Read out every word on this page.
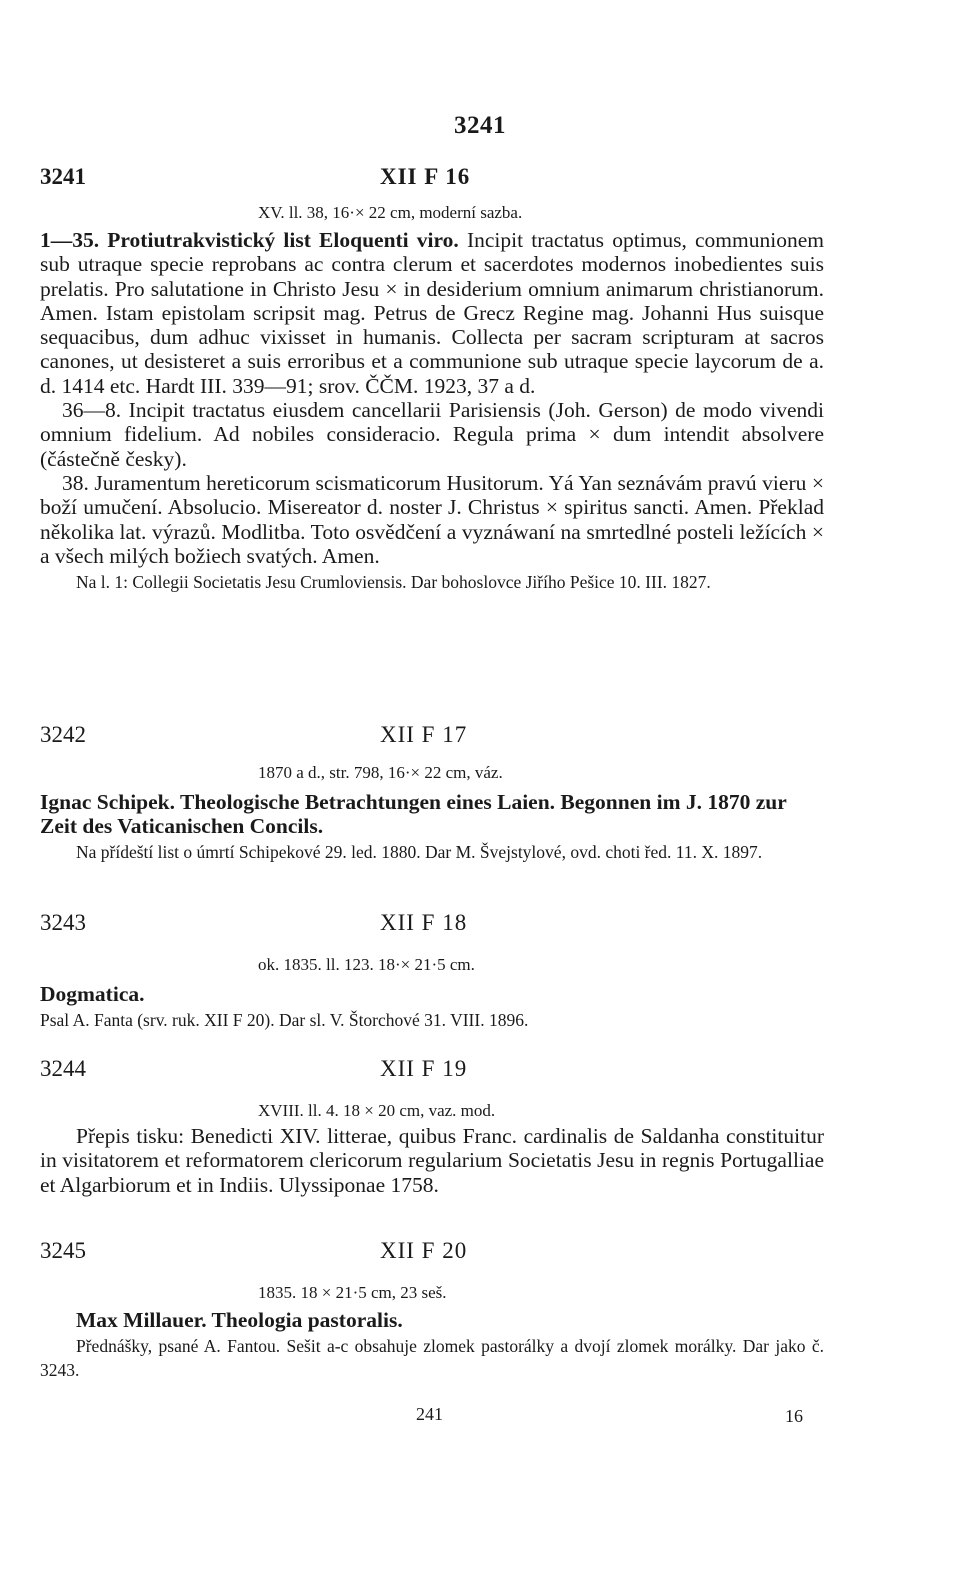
3241
3241	XII F 16
XV. ll. 38, 16·× 22 cm, moderní sazba.

1—35. Protiutrakvistický list Eloquenti viro. Incipit tractatus optimus, communionem sub utraque specie reprobans ac contra clerum et sacerdotes modernos inobedientes suis prelatis. Pro salutatione in Christo Jesu × in desiderium omnium animarum christianorum. Amen. Istam epistolam scripsit mag. Petrus de Grecz Regine mag. Johanni Hus suisque sequacibus, dum adhuc vixisset in humanis. Collecta per sacram scripturam at sacros canones, ut desisteret a suis erroribus et a communione sub utraque specie laycorum de a. d. 1414 etc. Hardt III. 339—91; srov. ČČM. 1923, 37 a d.

36—8. Incipit tractatus eiusdem cancellarii Parisiensis (Joh. Gerson) de modo vivendi omnium fidelium. Ad nobiles consideracio. Regula prima × dum intendit absolvere (částečně česky).

38. Juramentum hereticorum scismaticorum Husitorum. Yá Yan seznávám pravú vieru × boží umučení. Absolucio. Misereator d. noster J. Christus × spiritus sancti. Amen. Překlad několika lat. výrazů. Modlitba. Toto osvědčení a vyznáwaní na smrtedlné posteli ležících × a všech milých božiech svatých. Amen.

Na l. 1: Collegii Societatis Jesu Crumloviensis. Dar bohoslovce Jiřího Pešice 10. III. 1827.
3242	XII F 17
1870 a d., str. 798, 16·× 22 cm, váz.
Ignac Schipek. Theologische Betrachtungen eines Laien. Begonnen im J. 1870 zur Zeit des Vaticanischen Concils.
Na přídeští list o úmrtí Schipekové 29. led. 1880. Dar M. Švejstylové, ovd. choti řed. 11. X. 1897.
3243	XII F 18
ok. 1835. ll. 123. 18·× 21·5 cm.
Dogmatica.
Psal A. Fanta (srv. ruk. XII F 20). Dar sl. V. Štorchové 31. VIII. 1896.
3244	XII F 19
XVIII. ll. 4. 18 × 20 cm, vaz. mod.
Přepis tisku: Benedicti XIV. litterae, quibus Franc. cardinalis de Saldanha constituitur in visitatorem et reformatorem clericorum regularium Societatis Jesu in regnis Portugalliae et Algarbiorum et in Indiis. Ulyssiponae 1758.
3245	XII F 20
1835. 18 × 21·5 cm, 23 seš.
Max Millauer. Theologia pastoralis.
Přednášky, psané A. Fantou. Sešit a-c obsahuje zlomek pastorálky a dvojí zlomek morálky. Dar jako č. 3243.
241	16
